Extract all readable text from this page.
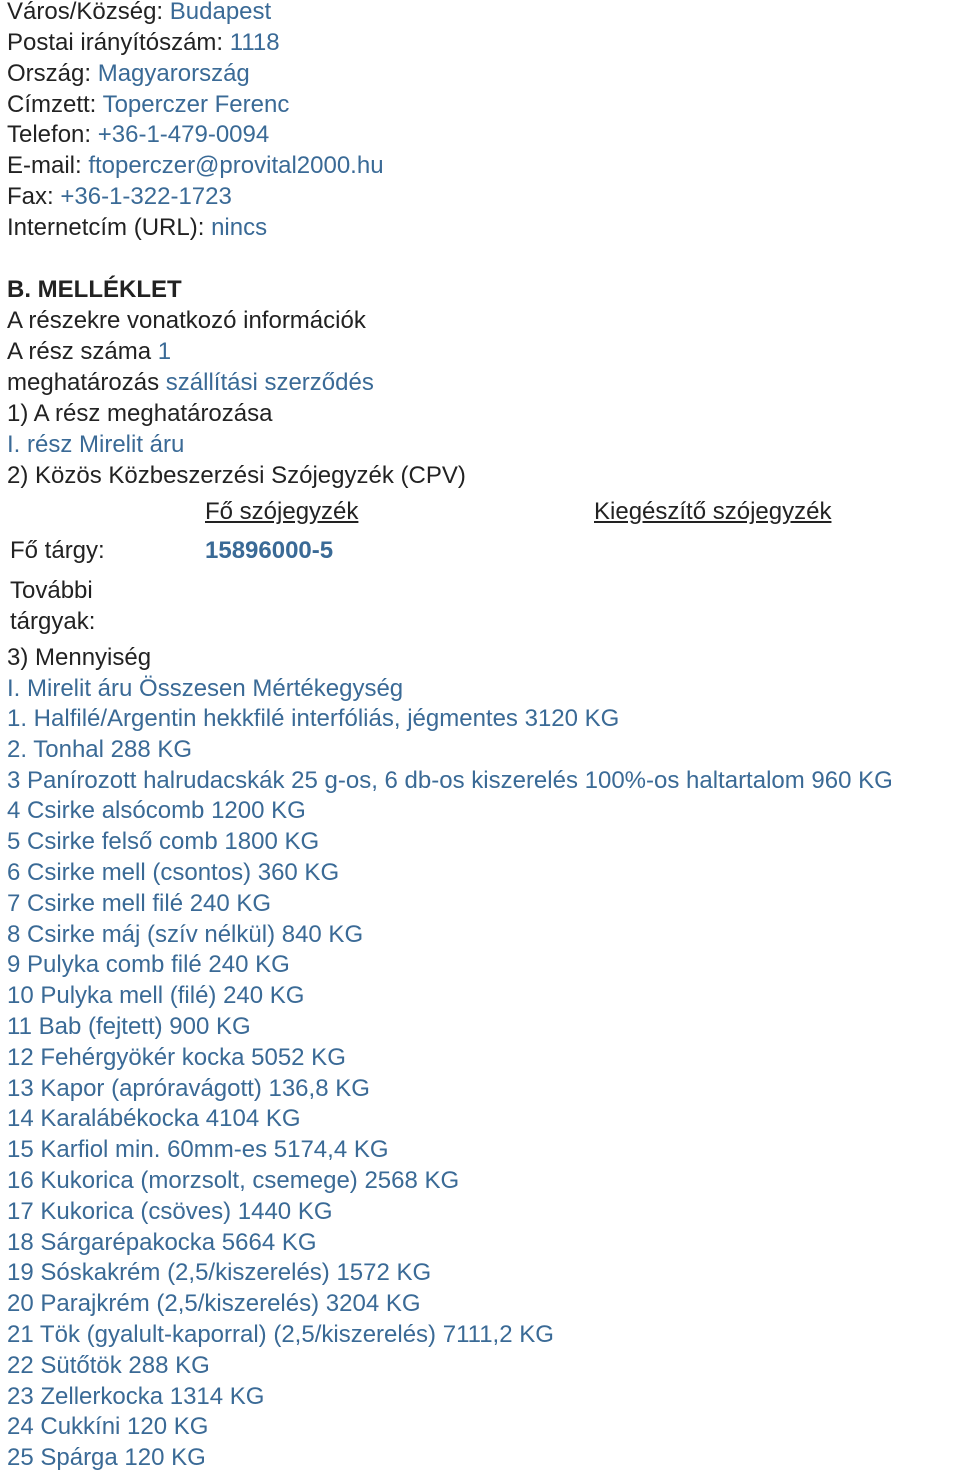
Város/Község: Budapest
Postai irányítószám: 1118
Ország: Magyarország
Címzett: Toperczer Ferenc
Telefon: +36-1-479-0094
E-mail: ftoperczer@provital2000.hu
Fax: +36-1-322-1723
Internetcím (URL): nincs
B. MELLÉKLET
A részekre vonatkozó információk
A rész száma 1
meghatározás szállítási szerződés
1) A rész meghatározása
I. rész Mirelit áru
2) Közös Közbeszerzési Szójegyzék (CPV)
Fő szójegyzék	Kiegészítő szójegyzék
Fő tárgy:	15896000-5
További
tárgyak:
3) Mennyiség
I. Mirelit áru Összesen Mértékegység
1. Halfilé/Argentin hekkfilé interfóliás, jégmentes 3120 KG
2. Tonhal 288 KG
3 Panírozott halrudacskák 25 g-os, 6 db-os kiszerelés 100%-os haltartalom 960 KG
4 Csirke alsócomb 1200 KG
5 Csirke felső comb 1800 KG
6 Csirke mell (csontos) 360 KG
7 Csirke mell filé 240 KG
8 Csirke máj (szív nélkül) 840 KG
9 Pulyka comb filé 240 KG
10 Pulyka mell (filé) 240 KG
11 Bab (fejtett) 900 KG
12 Fehérgyökér kocka 5052 KG
13 Kapor (apróravágott) 136,8 KG
14 Karalábékocka 4104 KG
15 Karfiol min. 60mm-es 5174,4 KG
16 Kukorica (morzsolt, csemege) 2568 KG
17 Kukorica (csöves) 1440 KG
18 Sárgarépakocka 5664 KG
19 Sóskakrém (2,5/kiszerelés) 1572 KG
20 Parajkrém (2,5/kiszerelés) 3204 KG
21 Tök (gyalult-kaporral) (2,5/kiszerelés) 7111,2 KG
22 Sütőtök 288 KG
23 Zellerkocka 1314 KG
24 Cukkíni 120 KG
25 Spárga 120 KG
